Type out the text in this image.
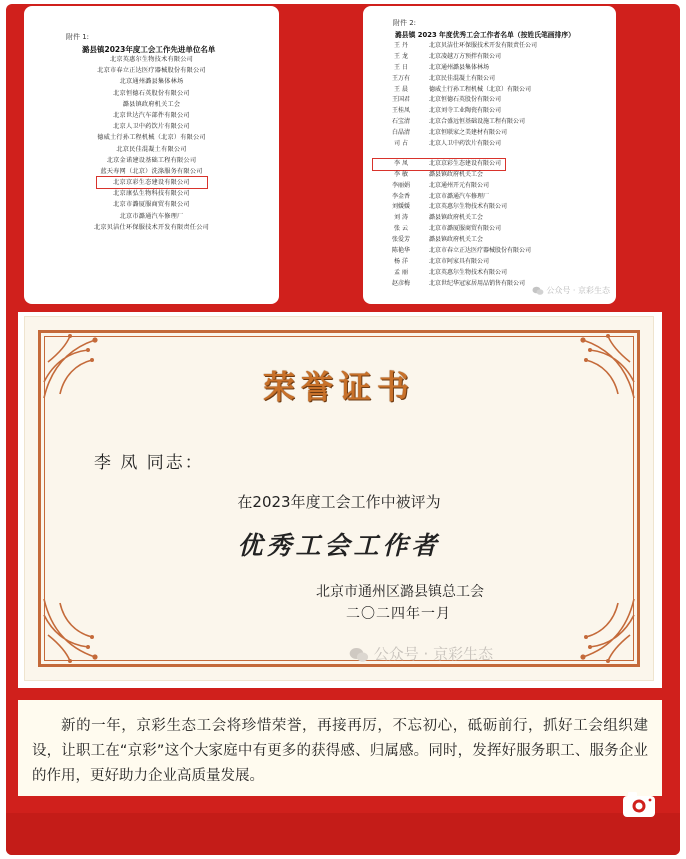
附件 1:
潞县镇2023年度工会工作先进单位名单
北京英惠尔生物技术有限公司
北京市春立正达医疗器械股份有限公司
北京通州潞县集体林场
北京恒德石英股份有限公司
潞县镇政府机关工会
北京世达汽车部件有限公司
北京人卫中药饮片有限公司
德威土行孙工程机械（北京）有限公司
北京民佳混凝土有限公司
北京金诺建设基础工程有限公司
蓝天寿网（北京）洗涤服务有限公司
北京京彩生态建设有限公司
北京康弘生物科技有限公司
北京市潞厦服商贸有限公司
北京市潞通汽车修理厂
北京贝洁仕环保服技术开发有限责任公司
附件 2:
潞县镇 2023 年度优秀工会工作者名单（按姓氏笔画排序）
王 丹	北京贝洁仕环保服技术开发有限责任公司
王 龙	北京凌越万方预拌有限公司
王 日	北京通州潞县集体林场
王万有	北京民佳混凝土有限公司
王 晨	德威土行孙工程机械（北京）有限公司
王国君	北京恒德石英股份有限公司
王桂凤	北京刘寺工业陶瓷有限公司
石宝清	北京合盛远恒基础设施工程有限公司
白晶清	北京恒联家之美建材有限公司
司 占	北京人卫中药饮片有限公司
李 凤	北京京彩生态建设有限公司
李 敏	潞县镇政府机关工会
李丽娟	北京通州开元有限公司
李金香	北京市潞通汽车修理厂
刘媛媛	北京英惠尔生物技术有限公司
刘 涛	潞县镇政府机关工会
张 云	北京市潞厦服商贸有限公司
张爱芳	潞县镇政府机关工会
陈艳华	北京市春立正达医疗器械股份有限公司
杨 洋	北京市阿家具有限公司
孟 丽	北京英惠尔生物技术有限公司
赵彦梅	北京世纪华冠家居用品销售有限公司
公众号 · 京彩生态
荣誉证书
李 凤 同志：
在2023年度工会工作中被评为
优秀工会工作者
北京市通州区潞县镇总工会
二〇二四年一月
公众号 · 京彩生态

新的一年，京彩生态工会将珍惜荣誉，再接再厉，不忘初心，砥砺前行，抓好工会组织建设，让职工在“京彩”这个大家庭中有更多的获得感、归属感。同时，发挥好服务职工、服务企业的作用，更好助力企业高质量发展。
